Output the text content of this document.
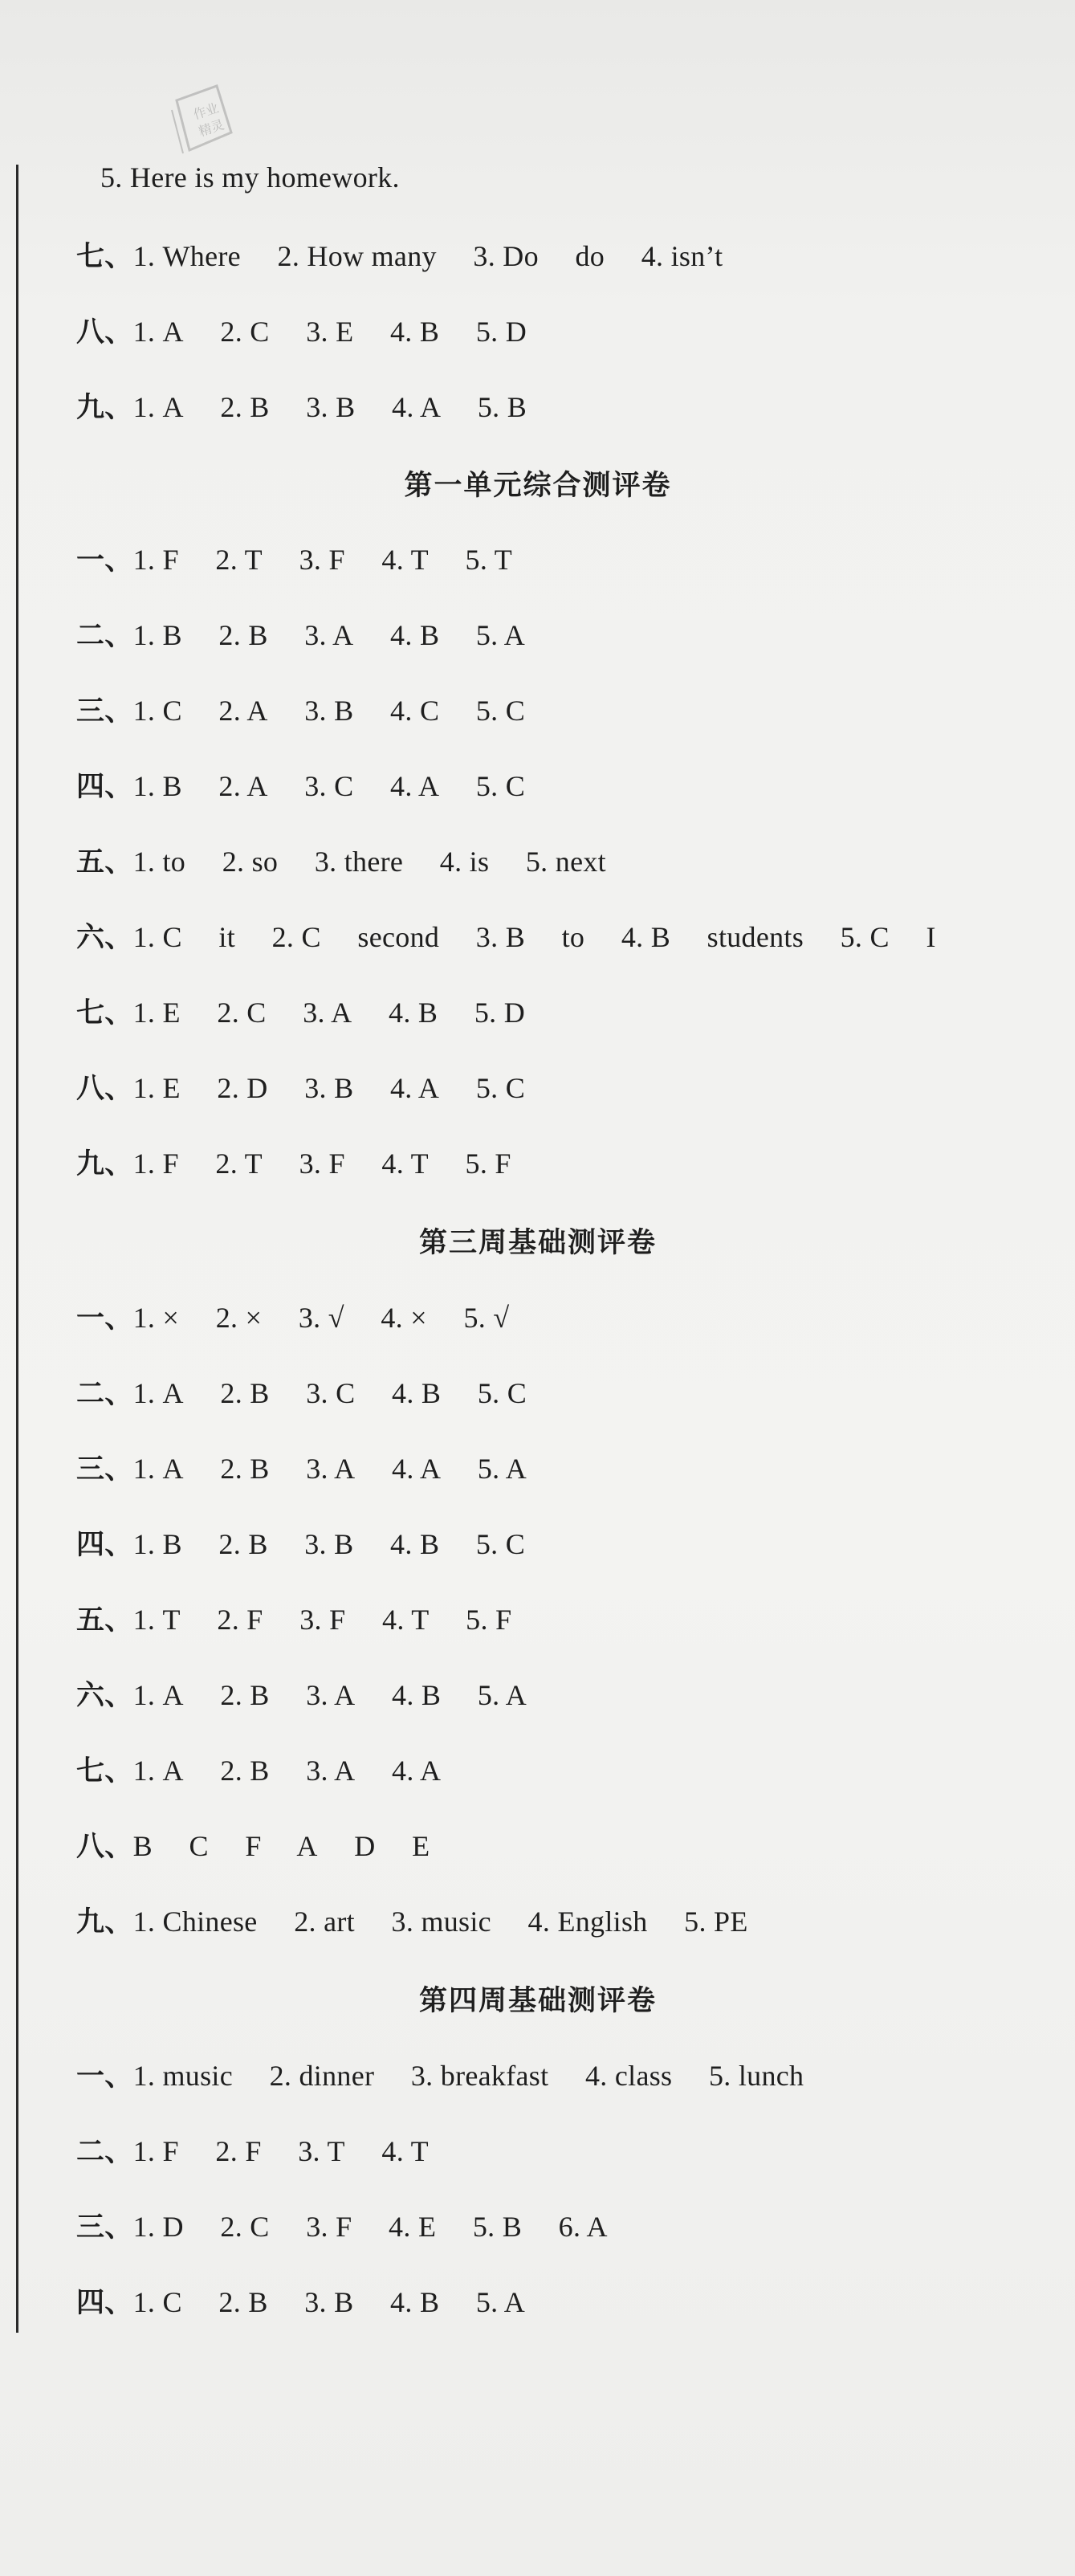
作业
精灵
5. Here is my homework.
七、1. Where  2. How many  3. Do  do  4. isn’t
八、1. A  2. C  3. E  4. B  5. D
九、1. A  2. B  3. B  4. A  5. B
第一单元综合测评卷
一、1. F  2. T  3. F  4. T  5. T
二、1. B  2. B  3. A  4. B  5. A
三、1. C  2. A  3. B  4. C  5. C
四、1. B  2. A  3. C  4. A  5. C
五、1. to  2. so  3. there  4. is  5. next
六、1. C  it  2. C  second  3. B  to  4. B  students  5. C  I
七、1. E  2. C  3. A  4. B  5. D
八、1. E  2. D  3. B  4. A  5. C
九、1. F  2. T  3. F  4. T  5. F
第三周基础测评卷
一、1. ×  2. ×  3. √  4. ×  5. √
二、1. A  2. B  3. C  4. B  5. C
三、1. A  2. B  3. A  4. A  5. A
四、1. B  2. B  3. B  4. B  5. C
五、1. T  2. F  3. F  4. T  5. F
六、1. A  2. B  3. A  4. B  5. A
七、1. A  2. B  3. A  4. A
八、B  C  F  A  D  E
九、1. Chinese  2. art  3. music  4. English  5. PE
第四周基础测评卷
一、1. music  2. dinner  3. breakfast  4. class  5. lunch
二、1. F  2. F  3. T  4. T
三、1. D  2. C  3. F  4. E  5. B  6. A
四、1. C  2. B  3. B  4. B  5. A
